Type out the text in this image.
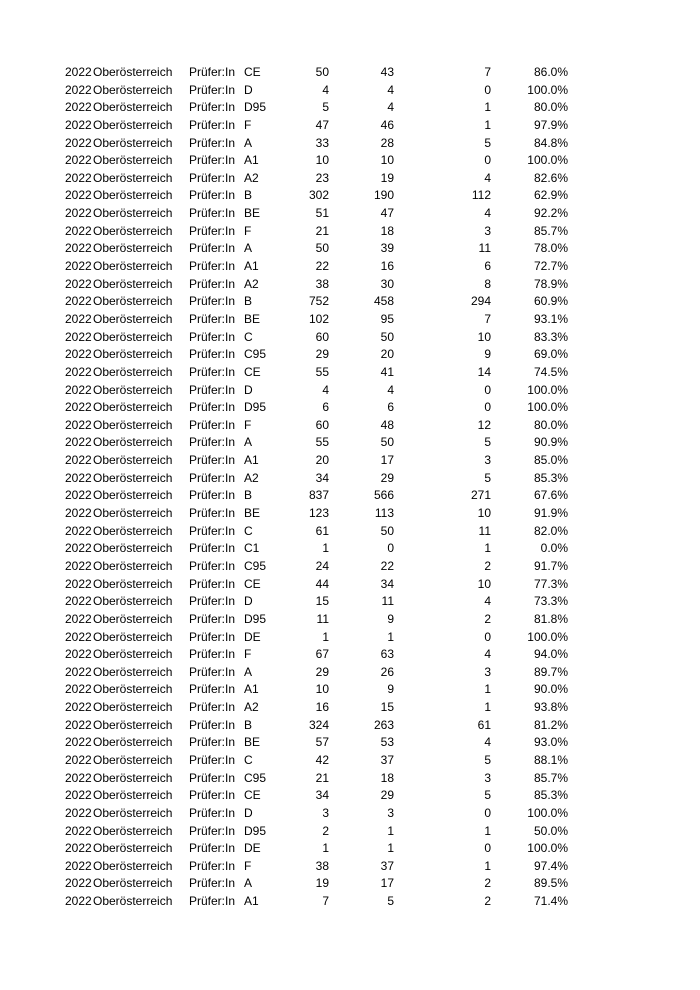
2022 Oberösterreich Prüfer:In CE	50	43	7	86.0%
2022 Oberösterreich Prüfer:In D	4	4	0	100.0%
2022 Oberösterreich Prüfer:In D95	5	4	1	80.0%
2022 Oberösterreich Prüfer:In F	47	46	1	97.9%
2022 Oberösterreich Prüfer:In A	33	28	5	84.8%
2022 Oberösterreich Prüfer:In A1	10	10	0	100.0%
2022 Oberösterreich Prüfer:In A2	23	19	4	82.6%
2022 Oberösterreich Prüfer:In B	302	190	112	62.9%
2022 Oberösterreich Prüfer:In BE	51	47	4	92.2%
2022 Oberösterreich Prüfer:In F	21	18	3	85.7%
2022 Oberösterreich Prüfer:In A	50	39	11	78.0%
2022 Oberösterreich Prüfer:In A1	22	16	6	72.7%
2022 Oberösterreich Prüfer:In A2	38	30	8	78.9%
2022 Oberösterreich Prüfer:In B	752	458	294	60.9%
2022 Oberösterreich Prüfer:In BE	102	95	7	93.1%
2022 Oberösterreich Prüfer:In C	60	50	10	83.3%
2022 Oberösterreich Prüfer:In C95	29	20	9	69.0%
2022 Oberösterreich Prüfer:In CE	55	41	14	74.5%
2022 Oberösterreich Prüfer:In D	4	4	0	100.0%
2022 Oberösterreich Prüfer:In D95	6	6	0	100.0%
2022 Oberösterreich Prüfer:In F	60	48	12	80.0%
2022 Oberösterreich Prüfer:In A	55	50	5	90.9%
2022 Oberösterreich Prüfer:In A1	20	17	3	85.0%
2022 Oberösterreich Prüfer:In A2	34	29	5	85.3%
2022 Oberösterreich Prüfer:In B	837	566	271	67.6%
2022 Oberösterreich Prüfer:In BE	123	113	10	91.9%
2022 Oberösterreich Prüfer:In C	61	50	11	82.0%
2022 Oberösterreich Prüfer:In C1	1	0	1	0.0%
2022 Oberösterreich Prüfer:In C95	24	22	2	91.7%
2022 Oberösterreich Prüfer:In CE	44	34	10	77.3%
2022 Oberösterreich Prüfer:In D	15	11	4	73.3%
2022 Oberösterreich Prüfer:In D95	11	9	2	81.8%
2022 Oberösterreich Prüfer:In DE	1	1	0	100.0%
2022 Oberösterreich Prüfer:In F	67	63	4	94.0%
2022 Oberösterreich Prüfer:In A	29	26	3	89.7%
2022 Oberösterreich Prüfer:In A1	10	9	1	90.0%
2022 Oberösterreich Prüfer:In A2	16	15	1	93.8%
2022 Oberösterreich Prüfer:In B	324	263	61	81.2%
2022 Oberösterreich Prüfer:In BE	57	53	4	93.0%
2022 Oberösterreich Prüfer:In C	42	37	5	88.1%
2022 Oberösterreich Prüfer:In C95	21	18	3	85.7%
2022 Oberösterreich Prüfer:In CE	34	29	5	85.3%
2022 Oberösterreich Prüfer:In D	3	3	0	100.0%
2022 Oberösterreich Prüfer:In D95	2	1	1	50.0%
2022 Oberösterreich Prüfer:In DE	1	1	0	100.0%
2022 Oberösterreich Prüfer:In F	38	37	1	97.4%
2022 Oberösterreich Prüfer:In A	19	17	2	89.5%
2022 Oberösterreich Prüfer:In A1	7	5	2	71.4%
